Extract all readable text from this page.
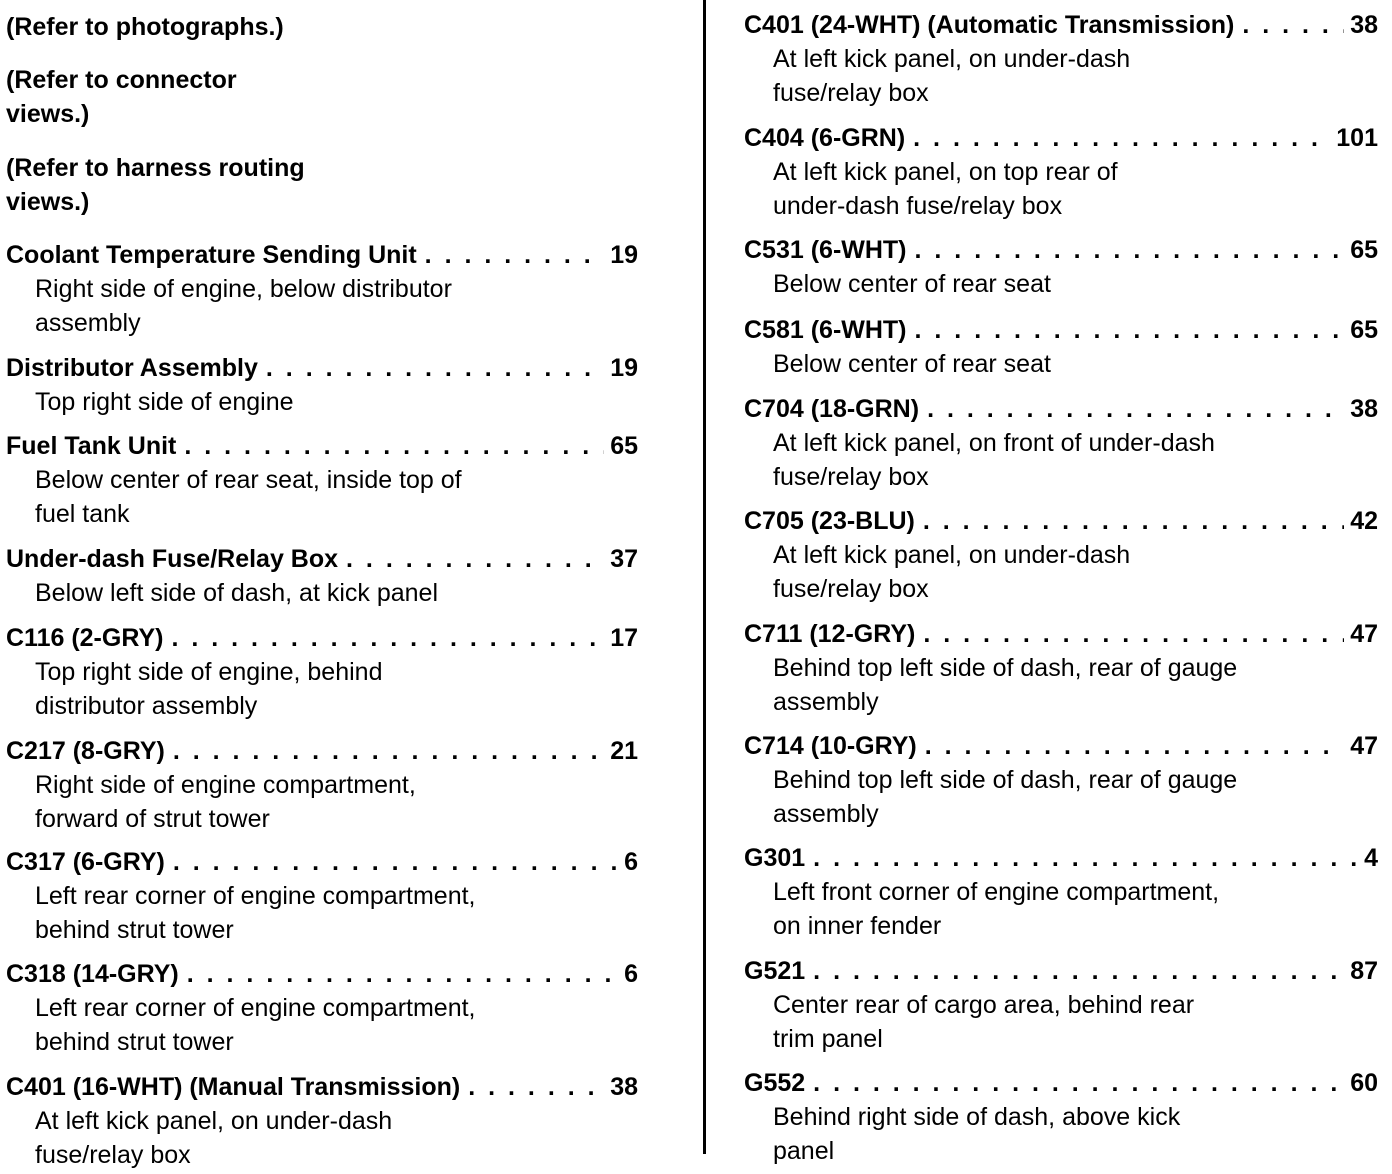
(Refer to photographs.)
(Refer to connector
views.)
(Refer to harness routing
views.)
Coolant Temperature Sending Unit . . .	19
Right side of engine, below distributor
assembly
Distributor Assembly . . .	19
Top right side of engine
Fuel Tank Unit . . .	65
Below center of rear seat, inside top of
fuel tank
Under-dash Fuse/Relay Box . . .	37
Below left side of dash, at kick panel
C116 (2-GRY) . . .	17
Top right side of engine, behind
distributor assembly
C217 (8-GRY) . . .	21
Right side of engine compartment,
forward of strut tower
C317 (6-GRY) . . .	6
Left rear corner of engine compartment,
behind strut tower
C318 (14-GRY) . . .	6
Left rear corner of engine compartment,
behind strut tower
C401 (16-WHT) (Manual Transmission) . . .	38
At left kick panel, on under-dash
fuse/relay box
C401 (24-WHT) (Automatic Transmission) . . .	38
At left kick panel, on under-dash
fuse/relay box
C404 (6-GRN) . . .	101
At left kick panel, on top rear of
under-dash fuse/relay box
C531 (6-WHT) . . .	65
Below center of rear seat
C581 (6-WHT) . . .	65
Below center of rear seat
C704 (18-GRN) . . .	38
At left kick panel, on front of under-dash
fuse/relay box
C705 (23-BLU) . . .	42
At left kick panel, on under-dash
fuse/relay box
C711 (12-GRY) . . .	47
Behind top left side of dash, rear of gauge
assembly
C714 (10-GRY) . . .	47
Behind top left side of dash, rear of gauge
assembly
G301 . . .	4
Left front corner of engine compartment,
on inner fender
G521 . . .	87
Center rear of cargo area, behind rear
trim panel
G552 . . .	60
Behind right side of dash, above kick
panel
